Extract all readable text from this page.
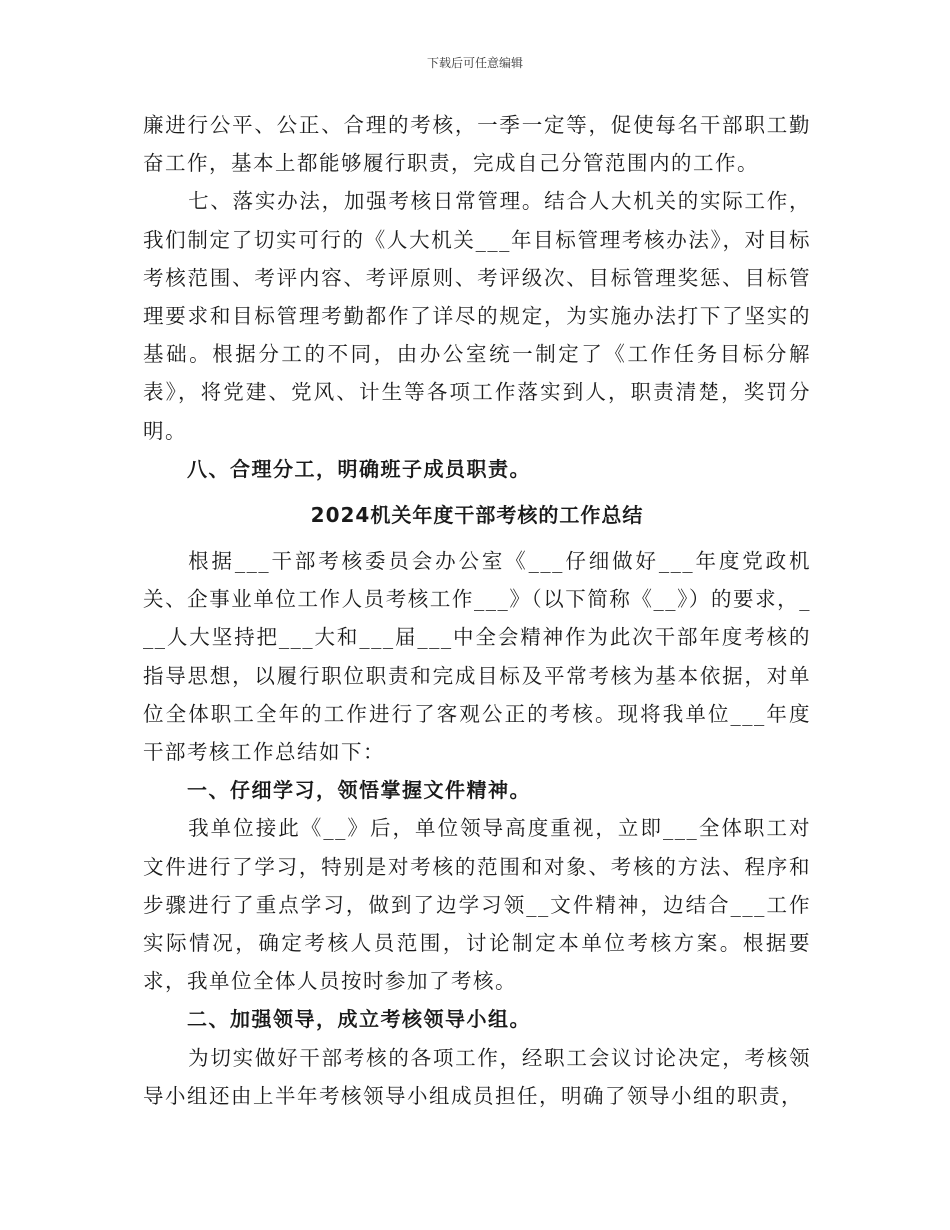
下载后可任意编辑

廉进行公平、公正、合理的考核，一季一定等，促使每名干部职工勤奋工作，基本上都能够履行职责，完成自己分管范围内的工作。

七、落实办法，加强考核日常管理。结合人大机关的实际工作，我们制定了切实可行的《人大机关___年目标管理考核办法》，对目标考核范围、考评内容、考评原则、考评级次、目标管理奖惩、目标管理要求和目标管理考勤都作了详尽的规定，为实施办法打下了坚实的基础。根据分工的不同，由办公室统一制定了《工作任务目标分解表》，将党建、党风、计生等各项工作落实到人，职责清楚，奖罚分明。

八、合理分工，明确班子成员职责。

2024机关年度干部考核的工作总结

根据___干部考核委员会办公室《___仔细做好___年度党政机关、企事业单位工作人员考核工作___》（以下简称《__》）的要求，___人大坚持把___大和___届___中全会精神作为此次干部年度考核的指导思想，以履行职位职责和完成目标及平常考核为基本依据，对单位全体职工全年的工作进行了客观公正的考核。现将我单位___年度干部考核工作总结如下：

一、仔细学习，领悟掌握文件精神。

我单位接此《__》后，单位领导高度重视，立即___全体职工对文件进行了学习，特别是对考核的范围和对象、考核的方法、程序和步骤进行了重点学习，做到了边学习领__文件精神，边结合___工作实际情况，确定考核人员范围，讨论制定本单位考核方案。根据要求，我单位全体人员按时参加了考核。

二、加强领导，成立考核领导小组。

为切实做好干部考核的各项工作，经职工会议讨论决定，考核领导小组还由上半年考核领导小组成员担任，明确了领导小组的职责，
